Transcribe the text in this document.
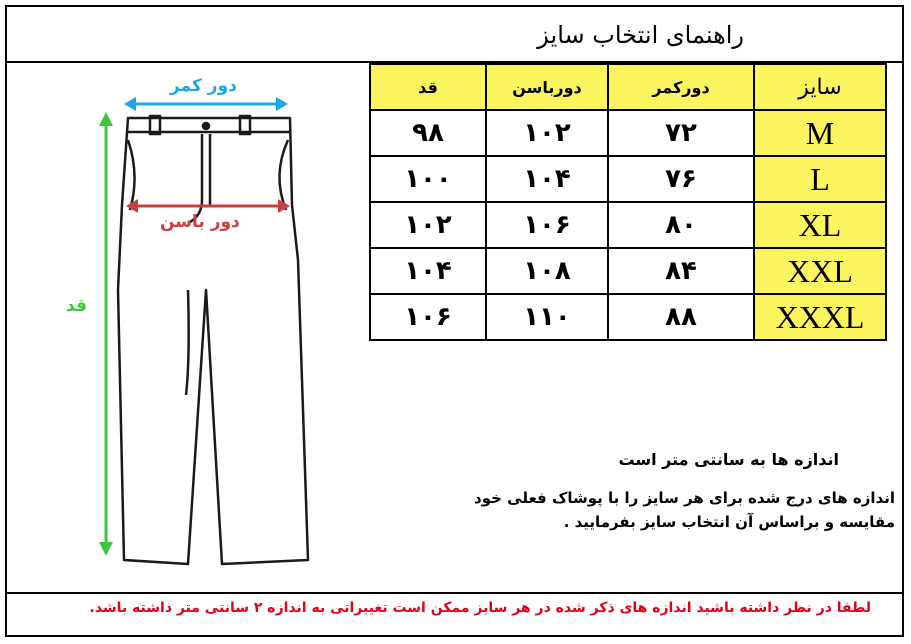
راهنمای انتخاب سایز
دور کمر
دور باسن
قد
سایز	دورکمر	دورباسن	قد
M	۷۲	۱۰۲	۹۸
L	۷۶	۱۰۴	۱۰۰
XL	۸۰	۱۰۶	۱۰۲
XXL	۸۴	۱۰۸	۱۰۴
XXXL	۸۸	۱۱۰	۱۰۶
اندازه ها به سانتی متر است
اندازه های درج شده برای هر سایز را با پوشاک فعلی خود مقایسه و براساس آن انتخاب سایز بفرمایید .
لطفا در نظر داشته باشید اندازه های ذکر شده در هر سایز ممکن است تغییراتی به اندازه ۲ سانتی متر داشته باشد.
